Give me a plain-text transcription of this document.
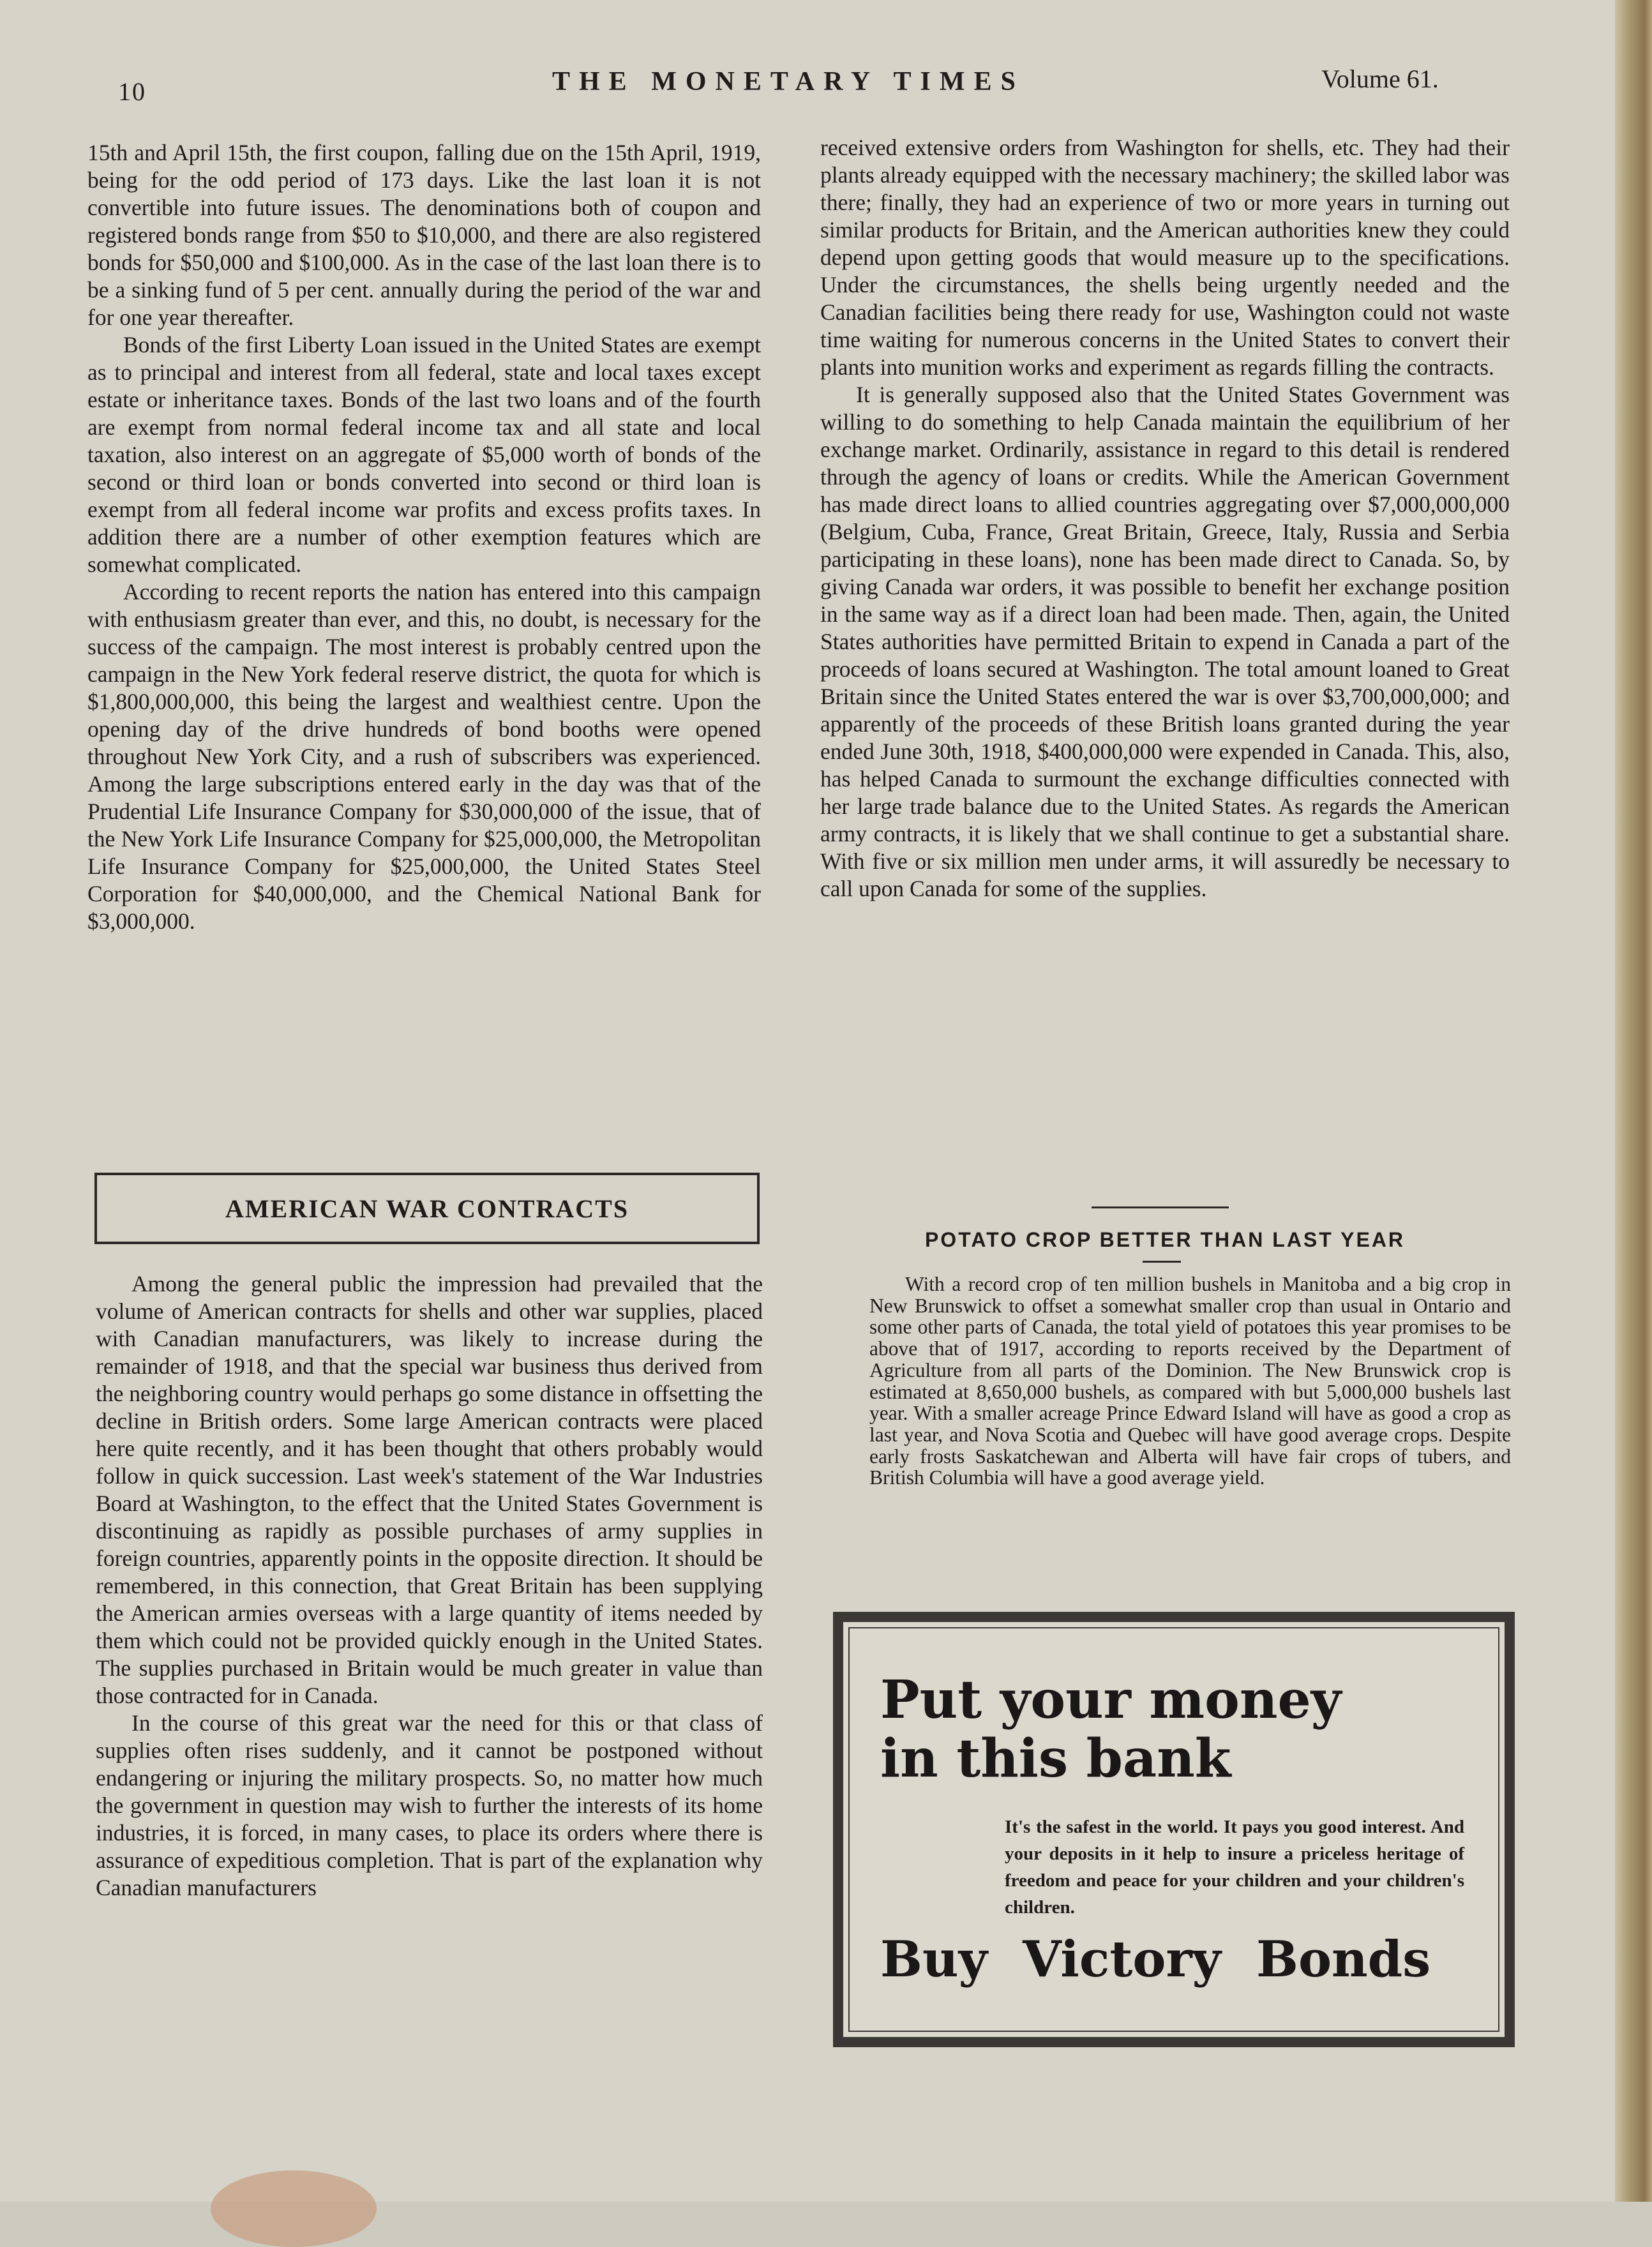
10	THE MONETARY TIMES	Volume 61.

15th and April 15th, the first coupon, falling due on the 15th April, 1919, being for the odd period of 173 days. Like the last loan it is not convertible into future issues. The denominations both of coupon and registered bonds range from $50 to $10,000, and there are also registered bonds for $50,000 and $100,000. As in the case of the last loan there is to be a sinking fund of 5 per cent. annually during the period of the war and for one year thereafter.

Bonds of the first Liberty Loan issued in the United States are exempt as to principal and interest from all federal, state and local taxes except estate or inheritance taxes. Bonds of the last two loans and of the fourth are exempt from normal federal income tax and all state and local taxation, also interest on an aggregate of $5,000 worth of bonds of the second or third loan or bonds converted into second or third loan is exempt from all federal income war profits and excess profits taxes. In addition there are a number of other exemption features which are somewhat complicated.

According to recent reports the nation has entered into this campaign with enthusiasm greater than ever, and this, no doubt, is necessary for the success of the campaign. The most interest is probably centred upon the campaign in the New York federal reserve district, the quota for which is $1,800,000,000, this being the largest and wealthiest centre. Upon the opening day of the drive hundreds of bond booths were opened throughout New York City, and a rush of subscribers was experienced. Among the large subscriptions entered early in the day was that of the Prudential Life Insurance Company for $30,000,000 of the issue, that of the New York Life Insurance Company for $25,000,000, the Metropolitan Life Insurance Company for $25,000,000, the United States Steel Corporation for $40,000,000, and the Chemical National Bank for $3,000,000.

AMERICAN WAR CONTRACTS

Among the general public the impression had prevailed that the volume of American contracts for shells and other war supplies, placed with Canadian manufacturers, was likely to increase during the remainder of 1918, and that the special war business thus derived from the neighboring country would perhaps go some distance in offsetting the decline in British orders. Some large American contracts were placed here quite recently, and it has been thought that others probably would follow in quick succession. Last week's statement of the War Industries Board at Washington, to the effect that the United States Government is discontinuing as rapidly as possible purchases of army supplies in foreign countries, apparently points in the opposite direction. It should be remembered, in this connection, that Great Britain has been supplying the American armies overseas with a large quantity of items needed by them which could not be provided quickly enough in the United States. The supplies purchased in Britain would be much greater in value than those contracted for in Canada.

In the course of this great war the need for this or that class of supplies often rises suddenly, and it cannot be postponed without endangering or injuring the military prospects. So, no matter how much the government in question may wish to further the interests of its home industries, it is forced, in many cases, to place its orders where there is assurance of expeditious completion. That is part of the explanation why Canadian manufacturers

received extensive orders from Washington for shells, etc. They had their plants already equipped with the necessary machinery; the skilled labor was there; finally, they had an experience of two or more years in turning out similar products for Britain, and the American authorities knew they could depend upon getting goods that would measure up to the specifications. Under the circumstances, the shells being urgently needed and the Canadian facilities being there ready for use, Washington could not waste time waiting for numerous concerns in the United States to convert their plants into munition works and experiment as regards filling the contracts.

It is generally supposed also that the United States Government was willing to do something to help Canada maintain the equilibrium of her exchange market. Ordinarily, assistance in regard to this detail is rendered through the agency of loans or credits. While the American Government has made direct loans to allied countries aggregating over $7,000,000,000 (Belgium, Cuba, France, Great Britain, Greece, Italy, Russia and Serbia participating in these loans), none has been made direct to Canada. So, by giving Canada war orders, it was possible to benefit her exchange position in the same way as if a direct loan had been made. Then, again, the United States authorities have permitted Britain to expend in Canada a part of the proceeds of loans secured at Washington. The total amount loaned to Great Britain since the United States entered the war is over $3,700,000,000; and apparently of the proceeds of these British loans granted during the year ended June 30th, 1918, $400,000,000 were expended in Canada. This, also, has helped Canada to surmount the exchange difficulties connected with her large trade balance due to the United States. As regards the American army contracts, it is likely that we shall continue to get a substantial share. With five or six million men under arms, it will assuredly be necessary to call upon Canada for some of the supplies.

POTATO CROP BETTER THAN LAST YEAR

With a record crop of ten million bushels in Manitoba and a big crop in New Brunswick to offset a somewhat smaller crop than usual in Ontario and some other parts of Canada, the total yield of potatoes this year promises to be above that of 1917, according to reports received by the Department of Agriculture from all parts of the Dominion. The New Brunswick crop is estimated at 8,650,000 bushels, as compared with but 5,000,000 bushels last year. With a smaller acreage Prince Edward Island will have as good a crop as last year, and Nova Scotia and Quebec will have good average crops. Despite early frosts Saskatchewan and Alberta will have fair crops of tubers, and British Columbia will have a good average yield.

Put your money
in this bank
It's the safest in the world. It pays you good interest. And your deposits in it help to insure a priceless heritage of freedom and peace for your children and your children's children.
Buy Victory Bonds
